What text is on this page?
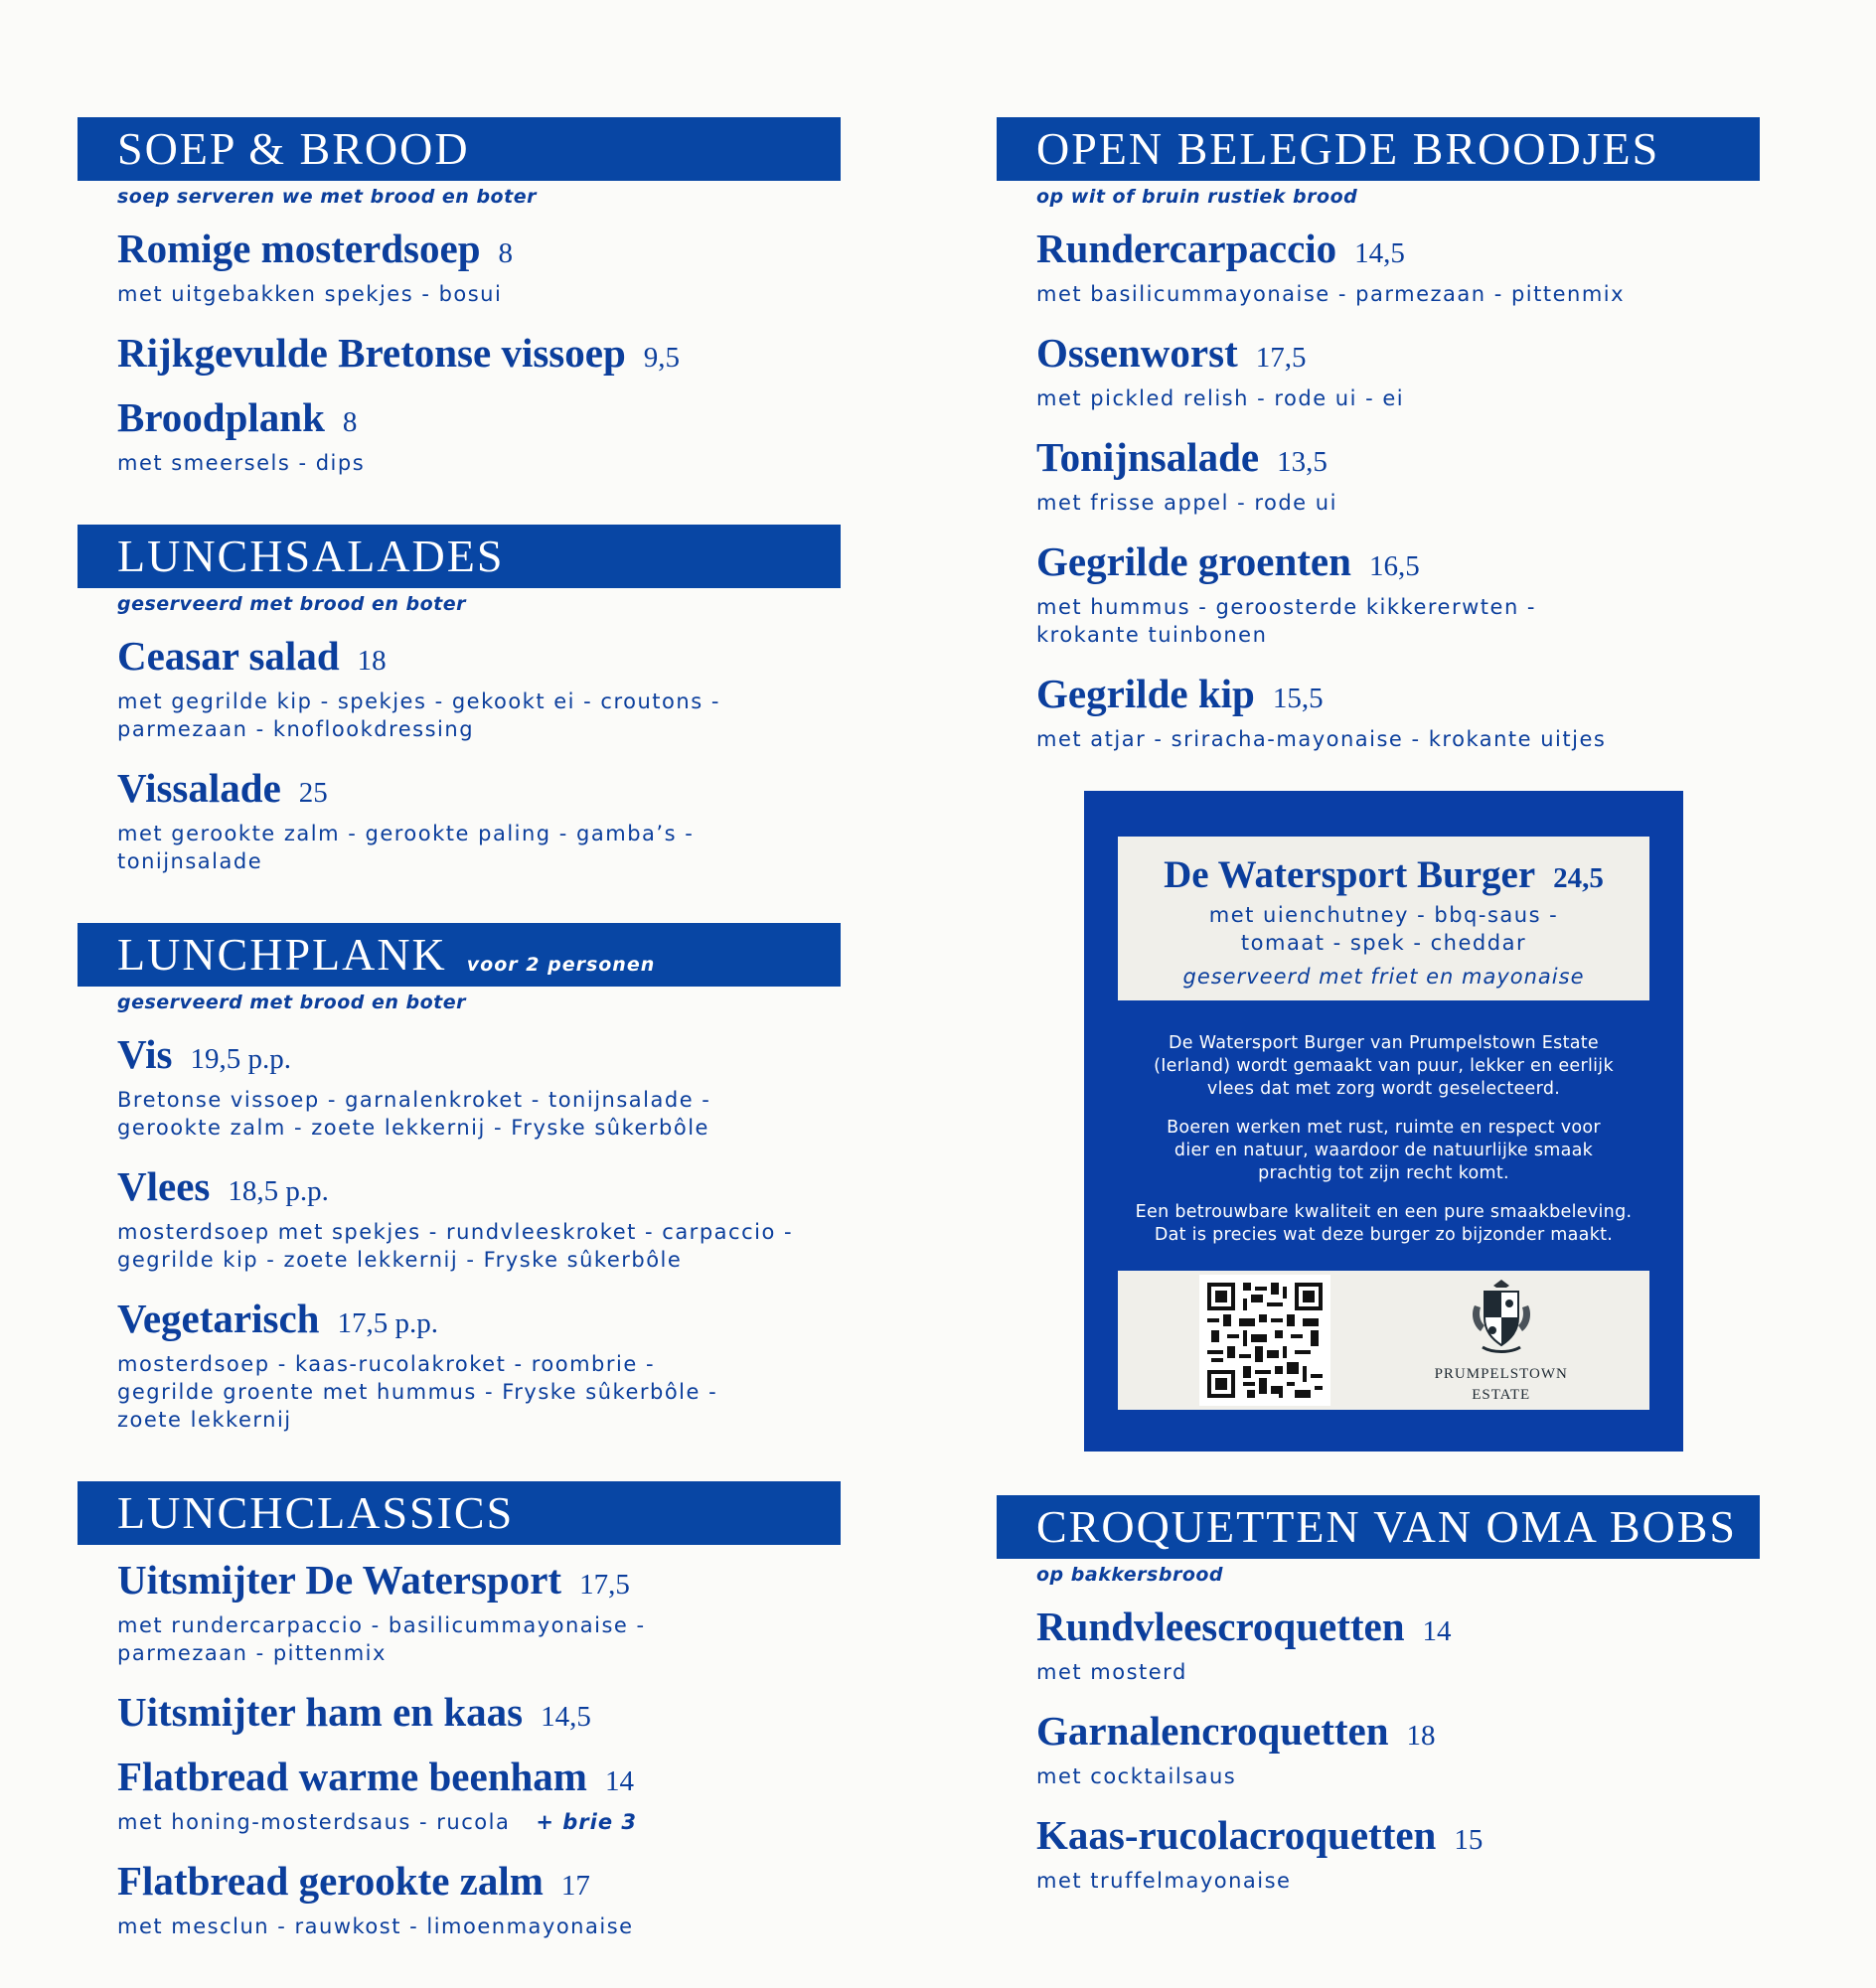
SOEP & BROOD
soep serveren we met brood en boter
Romige mosterdsoep 8
met uitgebakken spekjes - bosui
Rijkgevulde Bretonse vissoep 9,5
Broodplank 8
met smeersels - dips
LUNCHSALADES
geserveerd met brood en boter
Ceasar salad 18
met gegrilde kip - spekjes - gekookt ei - croutons -
parmezaan - knoflookdressing
Vissalade 25
met gerookte zalm - gerookte paling - gamba’s -
tonijnsalade
LUNCHPLANK voor 2 personen
geserveerd met brood en boter
Vis 19,5 p.p.
Bretonse vissoep - garnalenkroket - tonijnsalade -
gerookte zalm - zoete lekkernij - Fryske sûkerbôle
Vlees 18,5 p.p.
mosterdsoep met spekjes - rundvleeskroket - carpaccio -
gegrilde kip - zoete lekkernij - Fryske sûkerbôle
Vegetarisch 17,5 p.p.
mosterdsoep - kaas-rucolakroket - roombrie -
gegrilde groente met hummus - Fryske sûkerbôle -
zoete lekkernij
LUNCHCLASSICS
Uitsmijter De Watersport 17,5
met rundercarpaccio - basilicummayonaise -
parmezaan - pittenmix
Uitsmijter ham en kaas 14,5
Flatbread warme beenham 14
met honing-mosterdsaus - rucola + brie 3
Flatbread gerookte zalm 17
met mesclun - rauwkost - limoenmayonaise
OPEN BELEGDE BROODJES
op wit of bruin rustiek brood
Rundercarpaccio 14,5
met basilicummayonaise - parmezaan - pittenmix
Ossenworst 17,5
met pickled relish - rode ui - ei
Tonijnsalade 13,5
met frisse appel - rode ui
Gegrilde groenten 16,5
met hummus - geroosterde kikkererwten -
krokante tuinbonen
Gegrilde kip 15,5
met atjar - sriracha-mayonaise - krokante uitjes
De Watersport Burger 24,5
met uienchutney - bbq-saus -
tomaat - spek - cheddar
geserveerd met friet en mayonaise

De Watersport Burger van Prumpelstown Estate
(Ierland) wordt gemaakt van puur, lekker en eerlijk
vlees dat met zorg wordt geselecteerd.

Boeren werken met rust, ruimte en respect voor
dier en natuur, waardoor de natuurlijke smaak
prachtig tot zijn recht komt.

Een betrouwbare kwaliteit en een pure smaakbeleving.
Dat is precies wat deze burger zo bijzonder maakt.

PRUMPELSTOWN
ESTATE
CROQUETTEN VAN OMA BOBS
op bakkersbrood
Rundvleescroquetten 14
met mosterd
Garnalencroquetten 18
met cocktailsaus
Kaas-rucolacroquetten 15
met truffelmayonaise
